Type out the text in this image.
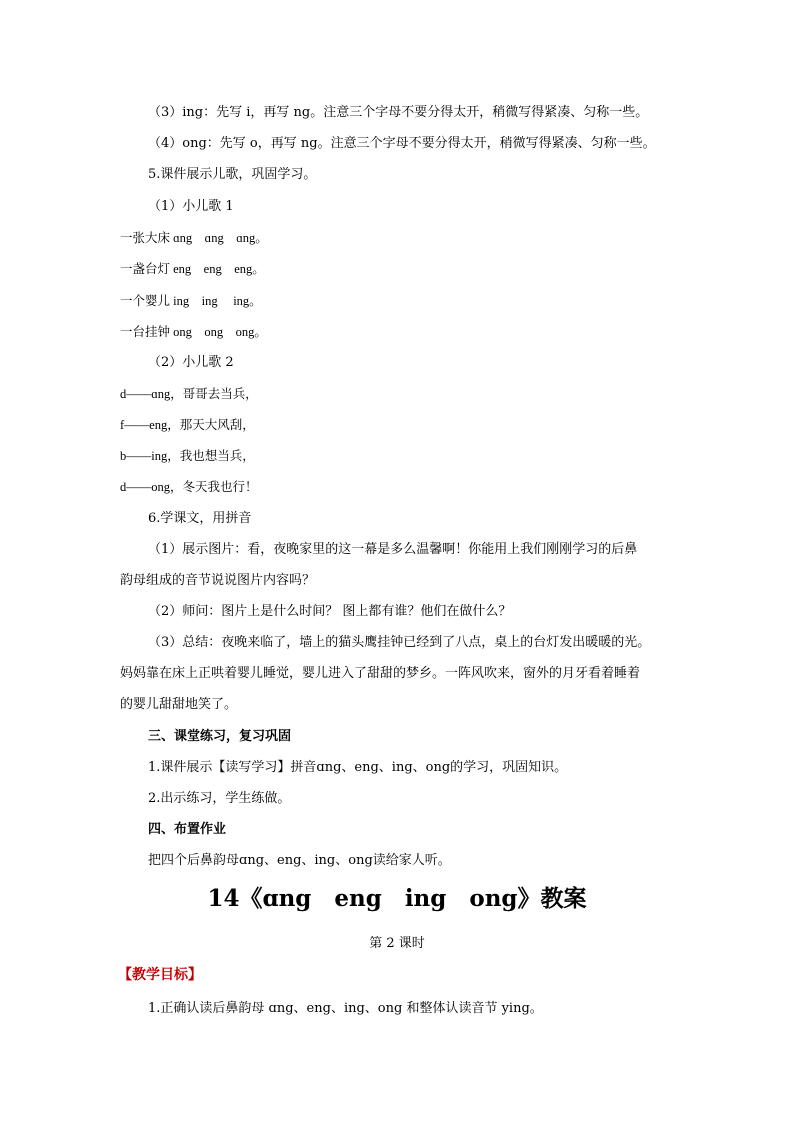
（3）ing：先写 i，再写 ng。注意三个字母不要分得太开，稍微写得紧凑、匀称一些。
（4）ong：先写 o，再写 ng。注意三个字母不要分得太开，稍微写得紧凑、匀称一些。
5.课件展示儿歌，巩固学习。
（1）小儿歌 1
一张大床 ɑng　ɑng　ɑng。
一盏台灯 eng　eng　eng。
一个婴儿 ing　ing　 ing。
一台挂钟 ong　ong　ong。
（2）小儿歌 2
d——ɑng，哥哥去当兵，
f——eng，那天大风刮，
b——ing，我也想当兵，
d——ong，冬天我也行！
6.学课文，用拼音
（1）展示图片：看，夜晚家里的这一幕是多么温馨啊！你能用上我们刚刚学习的后鼻
韵母组成的音节说说图片内容吗？
（2）师问：图片上是什么时间？ 图上都有谁？他们在做什么？
（3）总结：夜晚来临了，墙上的猫头鹰挂钟已经到了八点，桌上的台灯发出暖暖的光。
妈妈靠在床上正哄着婴儿睡觉，婴儿进入了甜甜的梦乡。一阵风吹来，窗外的月牙看着睡着
的婴儿甜甜地笑了。
三、课堂练习，复习巩固
1.课件展示【读写学习】拼音ɑng、eng、ing、ong的学习，巩固知识。
2.出示练习，学生练做。
四、布置作业
把四个后鼻韵母ɑng、eng、ing、ong读给家人听。
14《ɑng　eng　ing　ong》教案
第 2 课时
【教学目标】
1.正确认读后鼻韵母 ɑng、eng、ing、ong 和整体认读音节 ying。
